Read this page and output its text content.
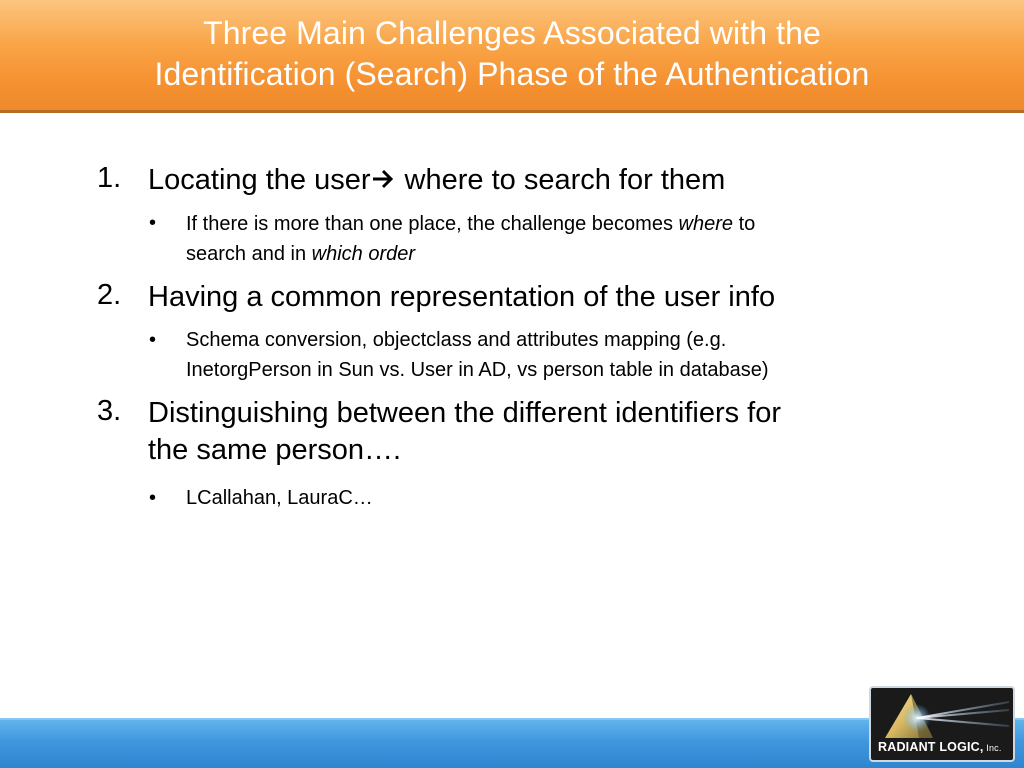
Three Main Challenges Associated with the
Identification (Search) Phase of the Authentication
1. Locating the user where to search for them
• If there is more than one place, the challenge becomes where to
search and in which order
2. Having a common representation of the user info
• Schema conversion, objectclass and attributes mapping (e.g.
InetorgPerson in Sun vs. User in AD, vs person table in database)
3. Distinguishing between the different identifiers for
the same person….
• LCallahan, LauraC…
RADIANT LOGIC, Inc.
